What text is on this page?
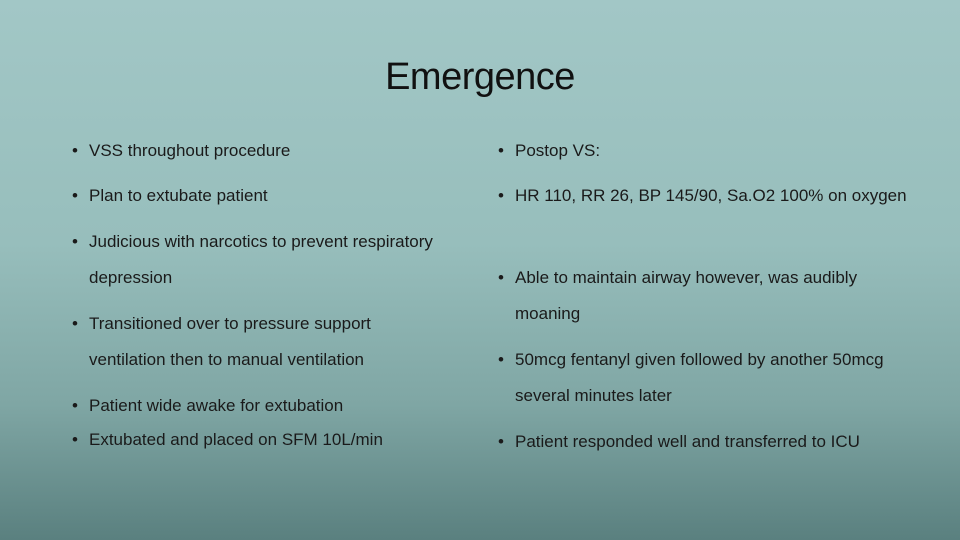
Emergence
• VSS throughout procedure
• Plan to extubate patient
• Judicious with narcotics to prevent respiratory depression
• Transitioned over to pressure support ventilation then to manual ventilation
• Patient wide awake for extubation
• Extubated and placed on SFM 10L/min
• Postop VS:
• HR 110, RR 26, BP 145/90, Sa.O2 100% on oxygen
• Able to maintain airway however, was audibly moaning
• 50mcg fentanyl given followed by another 50mcg several minutes later
• Patient responded well and transferred to ICU
